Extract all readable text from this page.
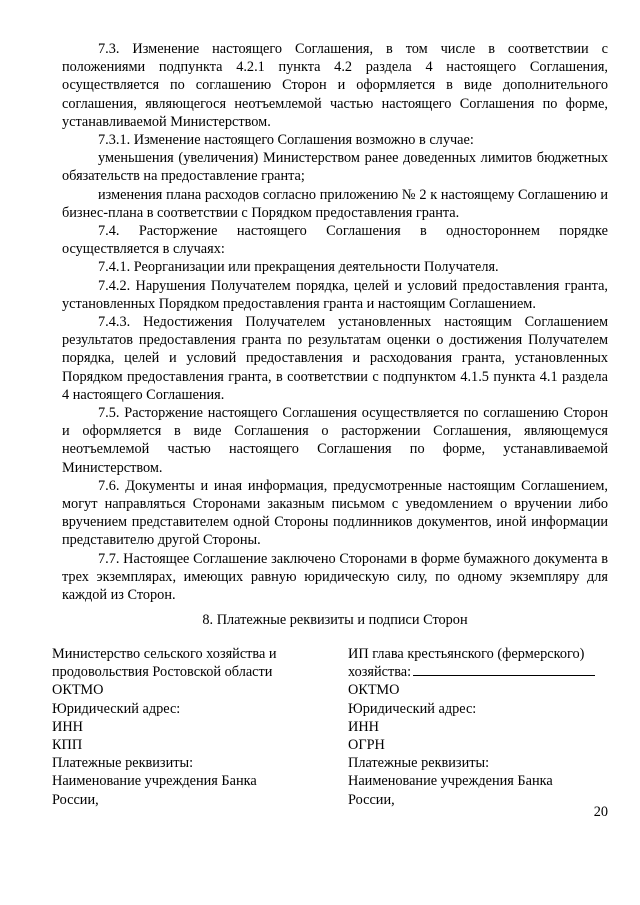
7.3. Изменение настоящего Соглашения, в том числе в соответствии с положениями подпункта 4.2.1 пункта 4.2 раздела 4 настоящего Соглашения, осуществляется по соглашению Сторон и оформляется в виде дополнительного соглашения, являющегося неотъемлемой частью настоящего Соглашения по форме, устанавливаемой Министерством.

7.3.1. Изменение настоящего Соглашения возможно в случае:

уменьшения (увеличения) Министерством ранее доведенных лимитов бюджетных обязательств на предоставление гранта;

изменения плана расходов согласно приложению № 2 к настоящему Соглашению и бизнес-плана в соответствии с Порядком предоставления гранта.

7.4. Расторжение настоящего Соглашения в одностороннем порядке осуществляется в случаях:

7.4.1. Реорганизации или прекращения деятельности Получателя.

7.4.2. Нарушения Получателем порядка, целей и условий предоставления гранта, установленных Порядком предоставления гранта и настоящим Соглашением.

7.4.3. Недостижения Получателем установленных настоящим Соглашением результатов предоставления гранта по результатам оценки о достижения Получателем порядка, целей и условий предоставления и расходования гранта, установленных Порядком предоставления гранта, в соответствии с подпунктом 4.1.5 пункта 4.1 раздела 4 настоящего Соглашения.

7.5. Расторжение настоящего Соглашения осуществляется по соглашению Сторон и оформляется в виде Соглашения о расторжении Соглашения, являющемуся неотъемлемой частью настоящего Соглашения по форме, устанавливаемой Министерством.

7.6. Документы и иная информация, предусмотренные настоящим Соглашением, могут направляться Сторонами заказным письмом с уведомлением о вручении либо вручением представителем одной Стороны подлинников документов, иной информации представителю другой Стороны.

7.7. Настоящее Соглашение заключено Сторонами в форме бумажного документа в трех экземплярах, имеющих равную юридическую силу, по одному экземпляру для каждой из Сторон.

8. Платежные реквизиты и подписи Сторон
Министерство сельского хозяйства и
продовольствия Ростовской области
ОКТМО
Юридический адрес:
ИНН
КПП
Платежные реквизиты:
Наименование учреждения Банка России,
ИП глава крестьянского (фермерского)
хозяйства:
ОКТМО
Юридический адрес:
ИНН
ОГРН
Платежные реквизиты:
Наименование учреждения Банка России,
20
